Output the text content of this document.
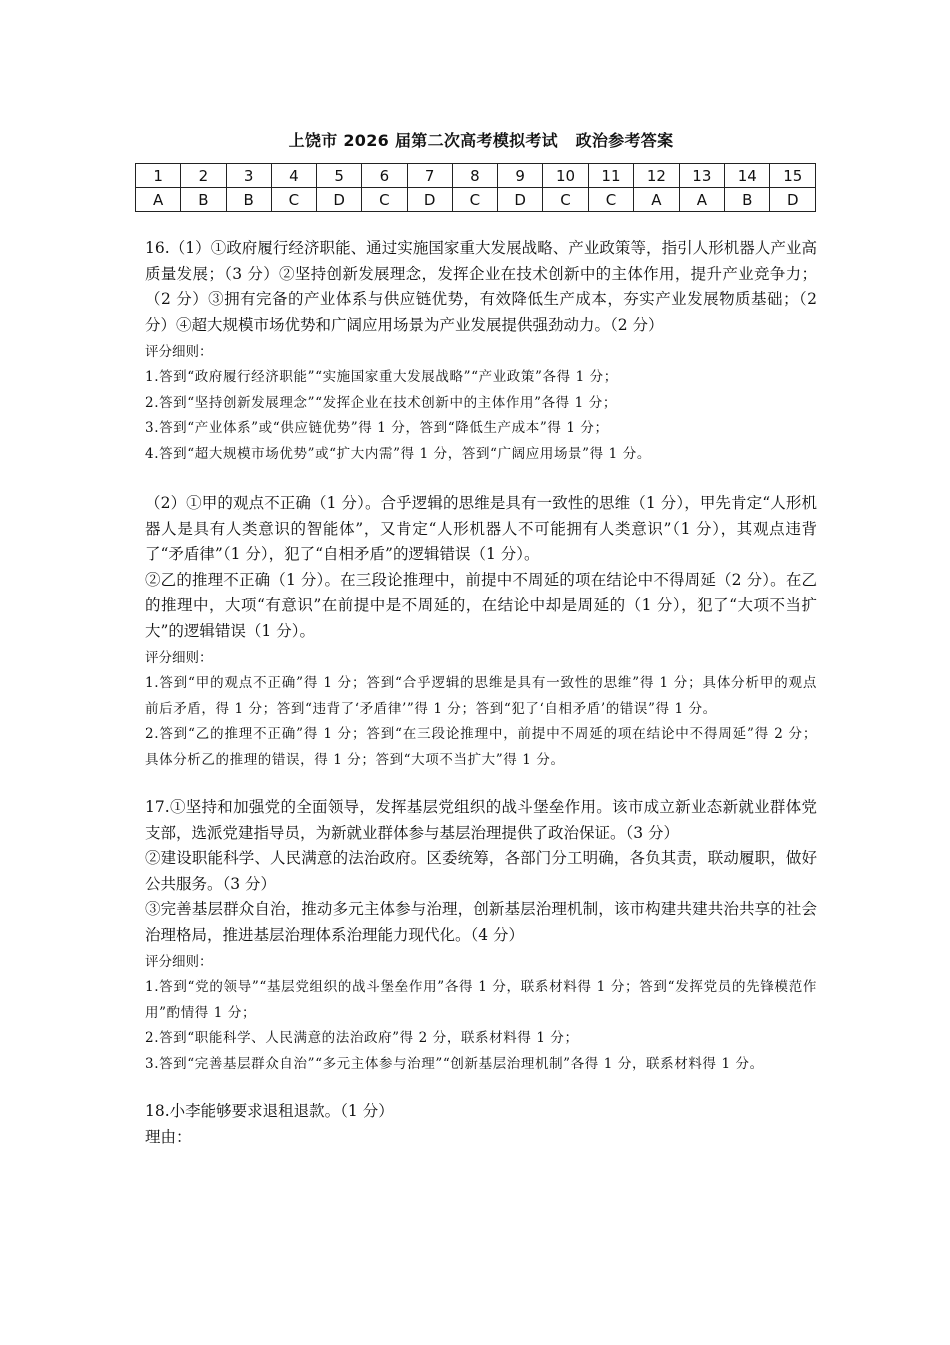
上饶市 2026 届第二次高考模拟考试   政治参考答案
1	2	3	4	5	6	7	8	9	10	11	12	13	14	15
A	B	B	C	D	C	D	C	D	C	C	A	A	B	D

16.（1）①政府履行经济职能、通过实施国家重大发展战略、产业政策等，指引人形机器人产业高质量发展；（3 分）②坚持创新发展理念，发挥企业在技术创新中的主体作用，提升产业竞争力；（2 分）③拥有完备的产业体系与供应链优势，有效降低生产成本，夯实产业发展物质基础；（2 分）④超大规模市场优势和广阔应用场景为产业发展提供强劲动力。（2 分）

评分细则：

1.答到“政府履行经济职能”“实施国家重大发展战略”“产业政策”各得 1 分；

2.答到“坚持创新发展理念”“发挥企业在技术创新中的主体作用”各得 1 分；

3.答到“产业体系”或“供应链优势”得 1 分，答到“降低生产成本”得 1 分；

4.答到“超大规模市场优势”或“扩大内需”得 1 分，答到“广阔应用场景”得 1 分。

（2）①甲的观点不正确（1 分）。合乎逻辑的思维是具有一致性的思维（1 分），甲先肯定“人形机器人是具有人类意识的智能体”，又肯定“人形机器人不可能拥有人类意识”（1 分），其观点违背了“矛盾律”（1 分），犯了“自相矛盾”的逻辑错误（1 分）。

②乙的推理不正确（1 分）。在三段论推理中，前提中不周延的项在结论中不得周延（2 分）。在乙的推理中，大项“有意识”在前提中是不周延的，在结论中却是周延的（1 分），犯了“大项不当扩大”的逻辑错误（1 分）。

评分细则：

1.答到“甲的观点不正确”得 1 分；答到“合乎逻辑的思维是具有一致性的思维”得 1 分；具体分析甲的观点前后矛盾，得 1 分；答到“违背了‘矛盾律’”得 1 分；答到“犯了‘自相矛盾’的错误”得 1 分。

2.答到“乙的推理不正确”得 1 分；答到“在三段论推理中，前提中不周延的项在结论中不得周延”得 2 分；具体分析乙的推理的错误，得 1 分；答到“大项不当扩大”得 1 分。

17.①坚持和加强党的全面领导，发挥基层党组织的战斗堡垒作用。该市成立新业态新就业群体党支部，选派党建指导员，为新就业群体参与基层治理提供了政治保证。（3 分）

②建设职能科学、人民满意的法治政府。区委统筹，各部门分工明确，各负其责，联动履职，做好公共服务。（3 分）

③完善基层群众自治，推动多元主体参与治理，创新基层治理机制，该市构建共建共治共享的社会治理格局，推进基层治理体系治理能力现代化。（4 分）

评分细则：

1.答到“党的领导”“基层党组织的战斗堡垒作用”各得 1 分，联系材料得 1 分；答到“发挥党员的先锋模范作用”酌情得 1 分；

2.答到“职能科学、人民满意的法治政府”得 2 分，联系材料得 1 分；

3.答到“完善基层群众自治”“多元主体参与治理”“创新基层治理机制”各得 1 分，联系材料得 1 分。

18.小李能够要求退租退款。（1 分）

理由：
